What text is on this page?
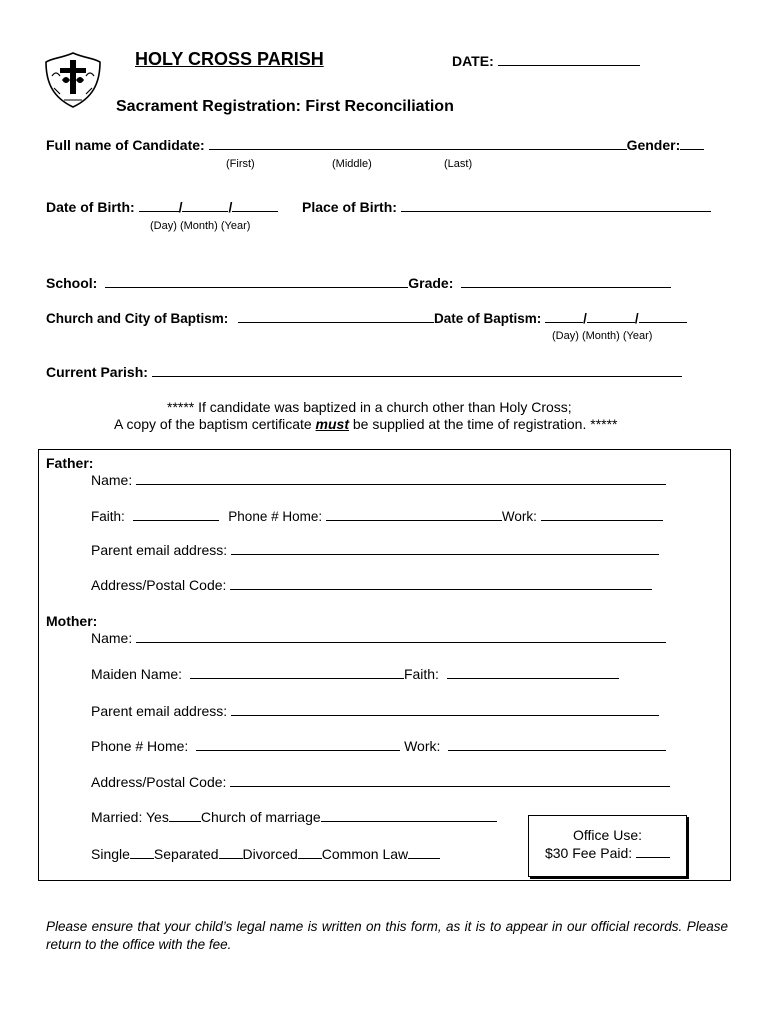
HOLY CROSS PARISH	DATE:
Sacrament Registration: First Reconciliation
Full name of Candidate:	Gender:
(First)	(Middle)	(Last)
Date of Birth:	/	/	Place of Birth:
(Day) (Month) (Year)
School:	Grade:
Church and City of Baptism:	Date of Baptism:	/	/
(Day) (Month) (Year)
Current Parish:
***** If candidate was baptized in a church other than Holy Cross;
A copy of the baptism certificate must be supplied at the time of registration. *****
Father:
Name:
Faith:	Phone # Home:	Work:
Parent email address:
Address/Postal Code:
Mother:
Name:
Maiden Name:	Faith:
Parent email address:
Phone # Home:	Work:
Address/Postal Code:
Married: Yes Church of marriage
Single Separated Divorced Common Law
Office Use:
$30 Fee Paid:
Please ensure that your child’s legal name is written on this form, as it is to appear in our official records. Please return to the office with the fee.
